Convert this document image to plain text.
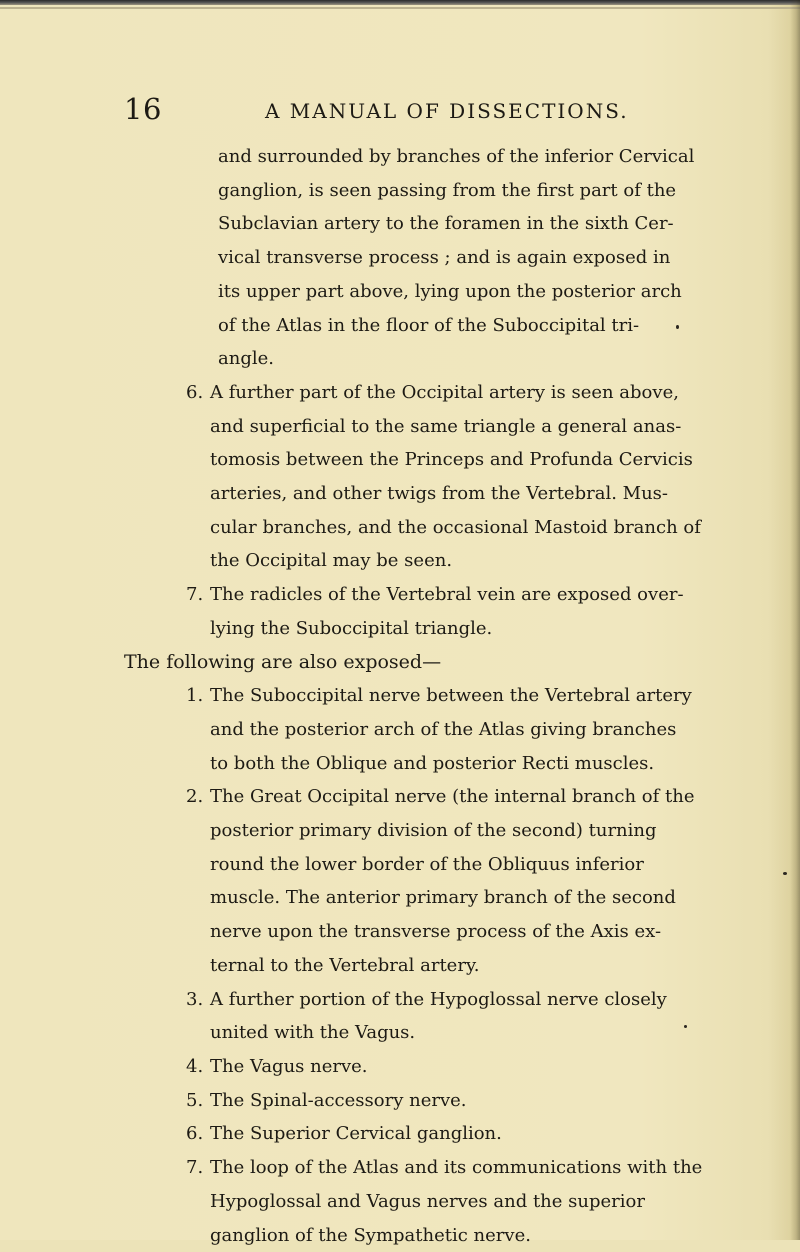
16	A MANUAL OF DISSECTIONS.
and surrounded by branches of the inferior Cervical
ganglion, is seen passing from the first part of the
Subclavian artery to the foramen in the sixth Cer-
vical transverse process ; and is again exposed in
its upper part above, lying upon the posterior arch
of the Atlas in the floor of the Suboccipital tri-
angle.
6. A further part of the Occipital artery is seen above,
and superficial to the same triangle a general anas-
tomosis between the Princeps and Profunda Cervicis
arteries, and other twigs from the Vertebral. Mus-
cular branches, and the occasional Mastoid branch of
the Occipital may be seen.
7. The radicles of the Vertebral vein are exposed over-
lying the Suboccipital triangle.
The following are also exposed—
1. The Suboccipital nerve between the Vertebral artery
and the posterior arch of the Atlas giving branches
to both the Oblique and posterior Recti muscles.
2. The Great Occipital nerve (the internal branch of the
posterior primary division of the second) turning
round the lower border of the Obliquus inferior
muscle. The anterior primary branch of the second
nerve upon the transverse process of the Axis ex-
ternal to the Vertebral artery.
3. A further portion of the Hypoglossal nerve closely
united with the Vagus.
4. The Vagus nerve.
5. The Spinal-accessory nerve.
6. The Superior Cervical ganglion.
7. The loop of the Atlas and its communications with the
Hypoglossal and Vagus nerves and the superior
ganglion of the Sympathetic nerve.
